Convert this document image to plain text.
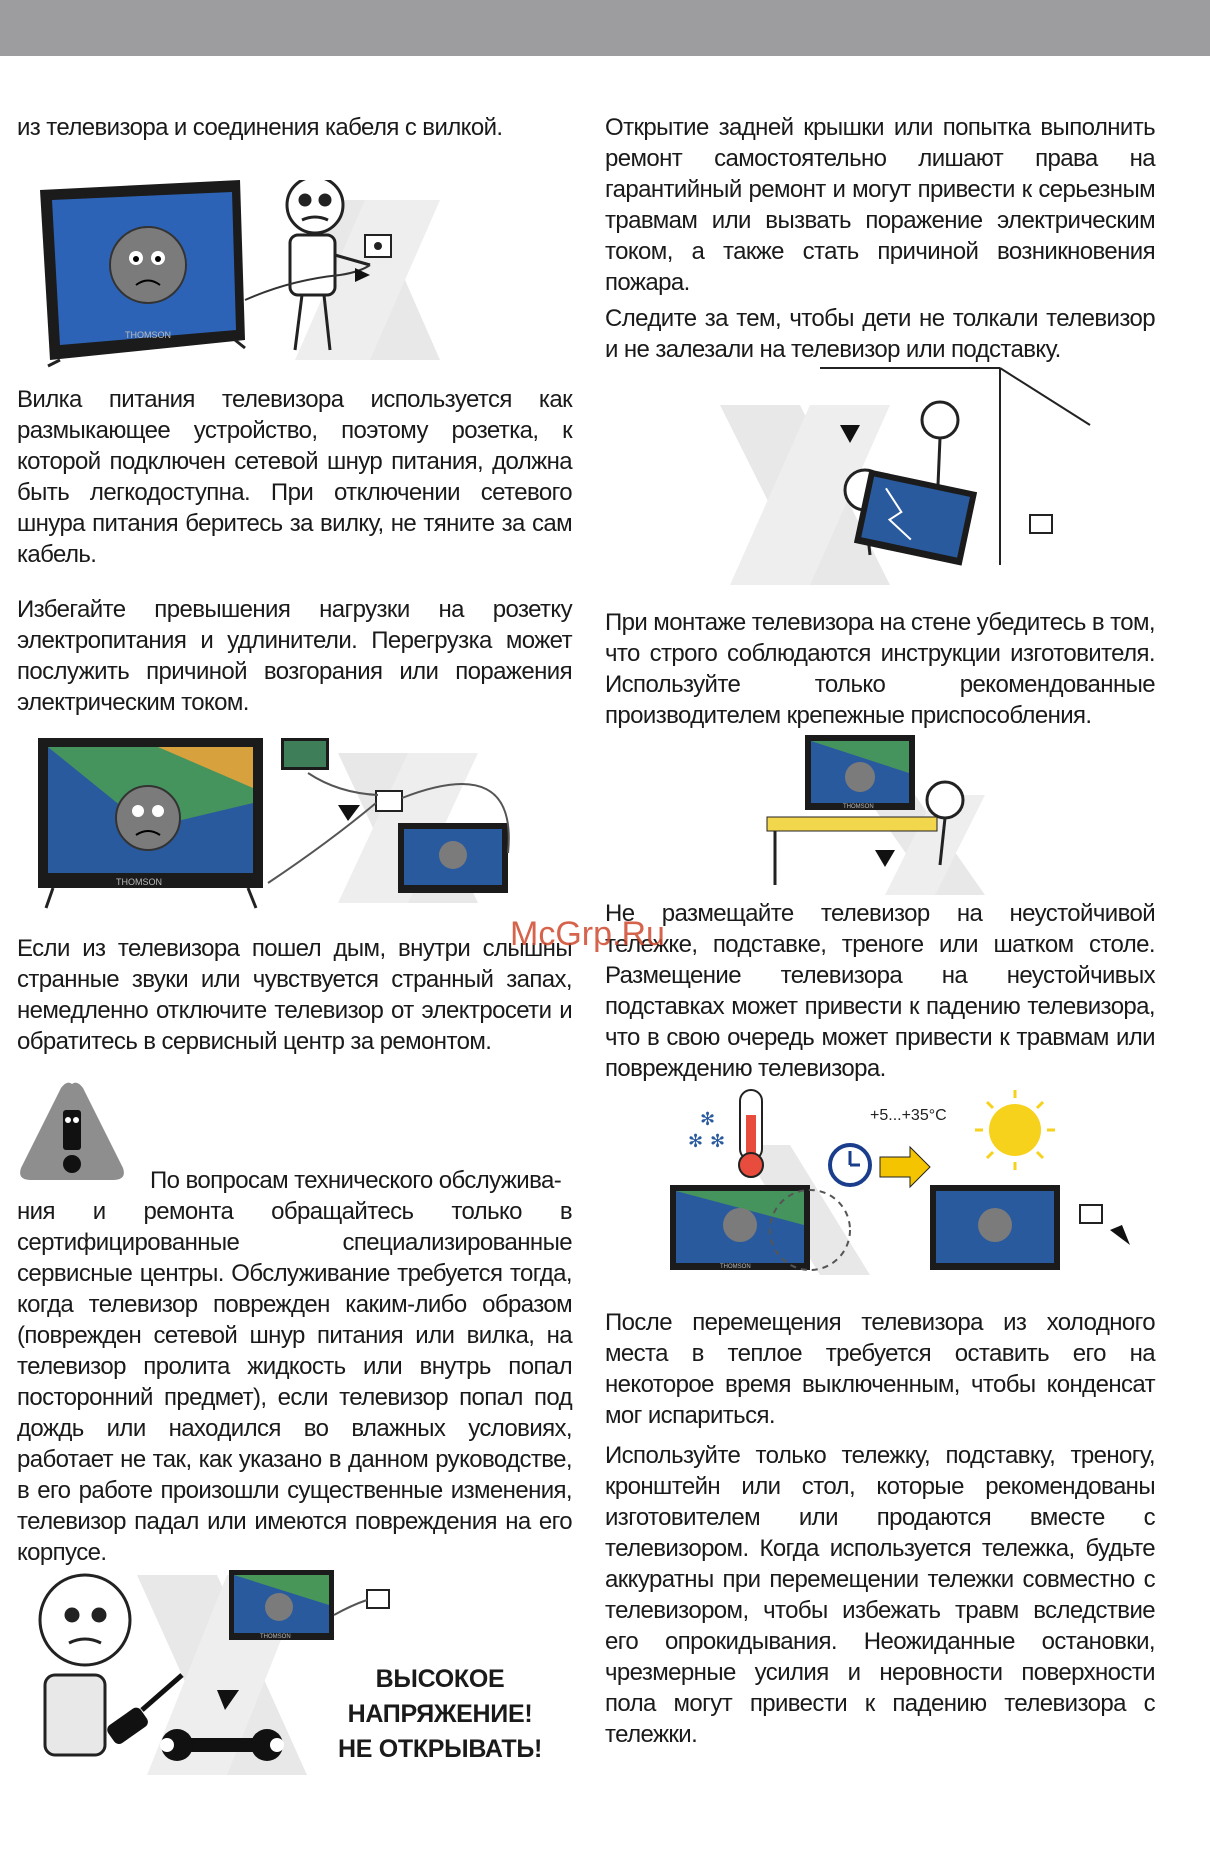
из телевизора и соединения кабеля с вилкой.

THOMSON

Вилка питания телевизора используется как размыкающее устройство, поэтому розетка, к которой подключен сетевой шнур питания, должна быть легкодоступна. При отключении сетевого шнура питания беритесь за вилку, не тяните за сам кабель.

Избегайте превышения нагрузки на розетку электропитания и удлинители. Перегрузка может послужить причиной возгорания или поражения электрическим током.

THOMSON

Если из телевизора пошел дым, внутри слышны странные звуки или чувствуется странный запах, немедленно отключите телевизор от электросети и обратитесь в сервисный центр за ремонтом.

По вопросам технического обслужива-

ния и ремонта обращайтесь только в сертифицированные специализированные сервисные центры. Обслуживание требуется тогда, когда телевизор поврежден каким-либо образом (поврежден сетевой шнур питания или вилка, на телевизор пролита жидкость или внутрь попал посторонний предмет), если телевизор попал под дождь или находился во влажных условиях, работает не так, как указано в данном руководстве, в его работе произошли существенные изменения, телевизор падал или имеются повреждения на его корпусе.

THOMSON
ВЫСОКОЕ
НАПРЯЖЕНИЕ!
НЕ ОТКРЫВАТЬ!

Открытие задней крышки или попытка выполнить ремонт самостоятельно лишают права на гарантийный ремонт и могут привести к серьезным травмам или вызвать поражение электрическим током, а также стать причиной возникновения пожара.

Следите за тем, чтобы дети не толкали телевизор и не залезали на телевизор или подставку.

При монтаже телевизора на стене убедитесь в том, что строго соблюдаются инструкции изготовителя. Используйте только рекомендованные производителем крепежные приспособления.

THOMSON

Не размещайте телевизор на неустойчивой тележке, подставке, треноге или шатком столе. Размещение телевизора на неустойчивых подставках может привести к падению телевизора, что в свою очередь может привести к травмам или повреждению телевизора.

✻
✻ ✻
+5...+35°C
THOMSON

После перемещения телевизора из холодного места в теплое требуется оставить его на некоторое время выключенным, чтобы конденсат мог испариться.

Используйте только тележку, подставку, треногу, кронштейн или стол, которые рекомендованы изготовителем или продаются вместе с телевизором. Когда используется тележка, будьте аккуратны при перемещении тележки совместно с телевизором, чтобы избежать травм вследствие его опрокидывания. Неожиданные остановки, чрезмерные усилия и неровности поверхности пола могут привести к падению телевизора с тележки.

McGrp.Ru
